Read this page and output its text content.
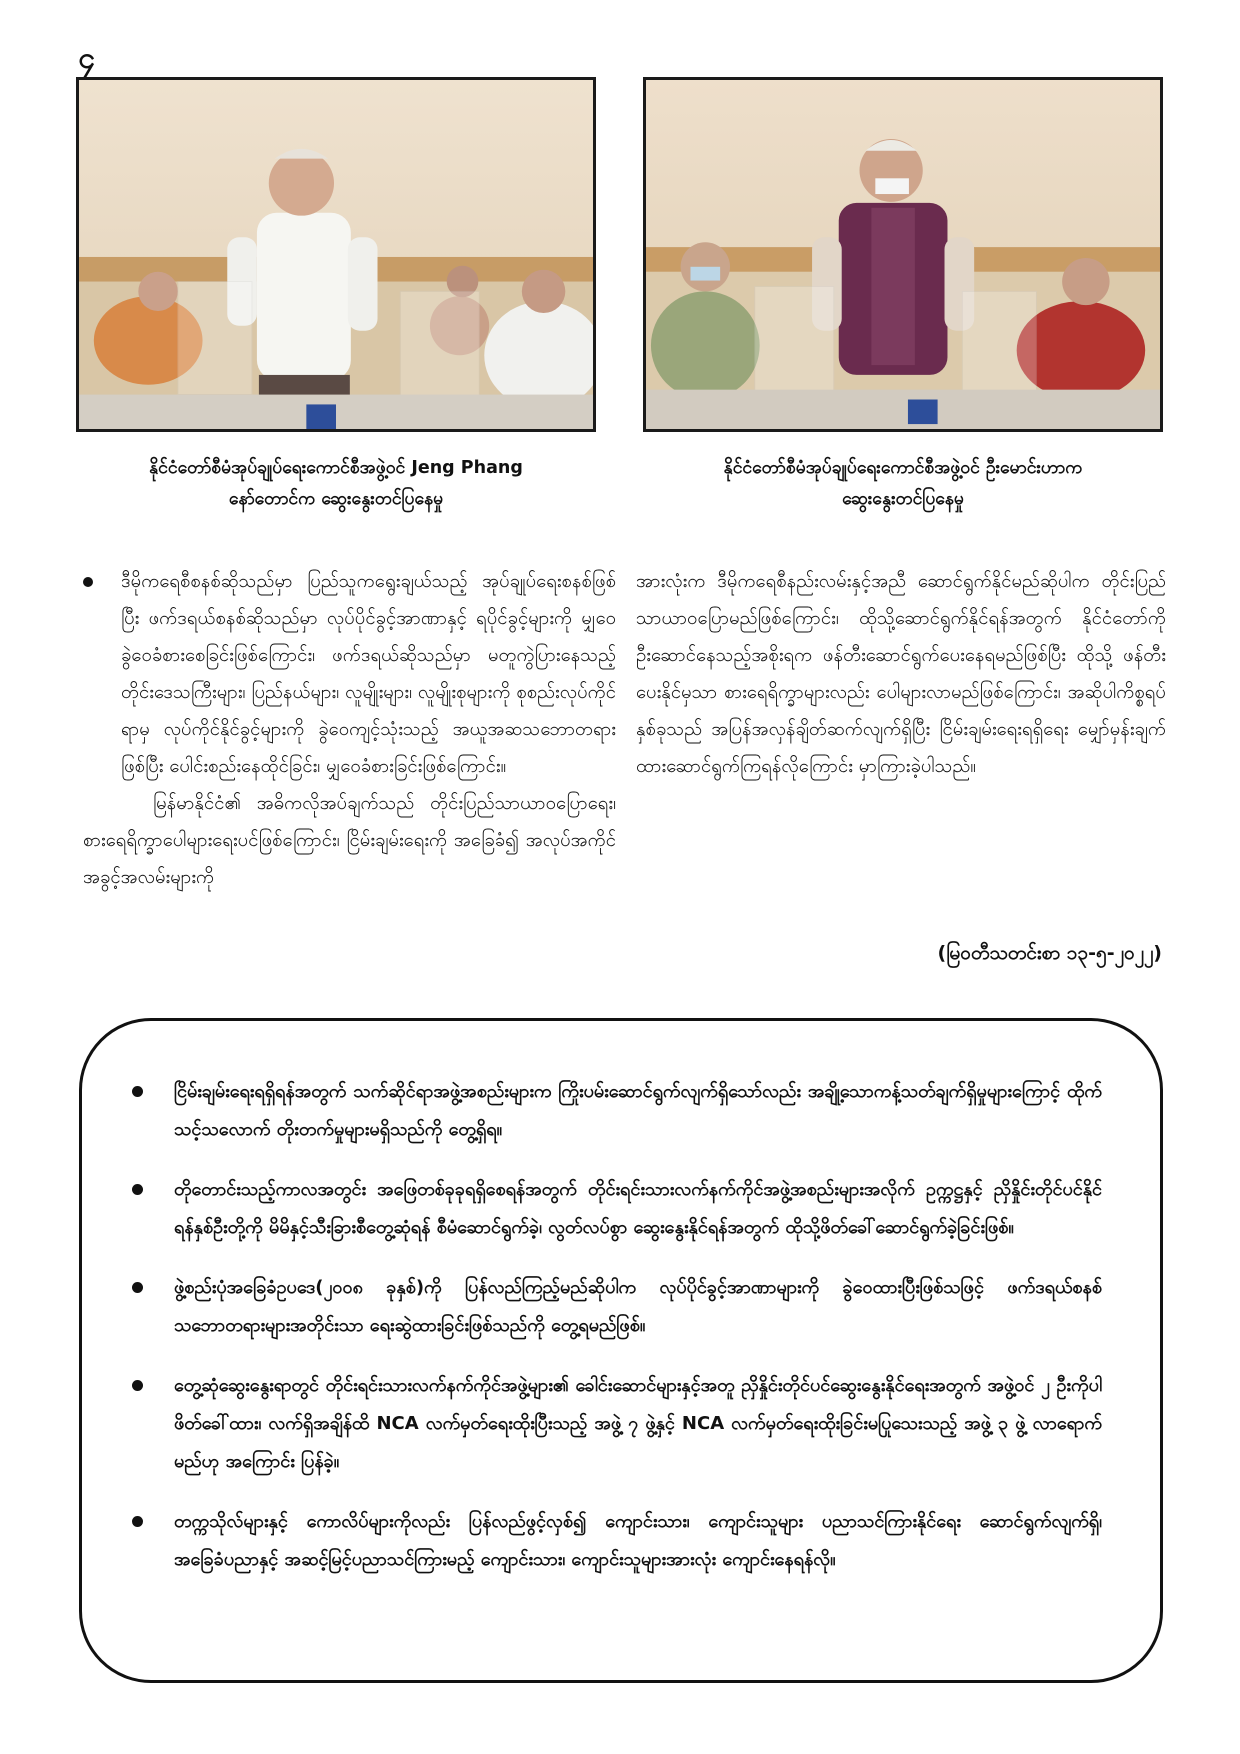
၄
နိုင်ငံတော်စီမံအုပ်ချုပ်ရေးကောင်စီအဖွဲ့ဝင် Jeng Phang
နော်တောင်က ဆွေးနွေးတင်ပြနေမှု
နိုင်ငံတော်စီမံအုပ်ချုပ်ရေးကောင်စီအဖွဲ့ဝင် ဦးမောင်းဟာက
ဆွေးနွေးတင်ပြနေမှု

ဒီမိုကရေစီစနစ်ဆိုသည်မှာ ပြည်သူကရွေးချယ်သည့် အုပ်ချုပ်ရေးစနစ်ဖြစ်ပြီး ဖက်ဒရယ်စနစ်ဆိုသည်မှာ လုပ်ပိုင်ခွင့်အာဏာနှင့် ရပိုင်ခွင့်များကို မျှဝေခွဲဝေခံစားစေခြင်းဖြစ်ကြောင်း၊ ဖက်ဒရယ်ဆိုသည်မှာ မတူကွဲပြားနေသည့် တိုင်းဒေသကြီးများ၊ ပြည်နယ်များ၊ လူမျိုးများ၊ လူမျိုးစုများကို စုစည်းလုပ်ကိုင်ရာမှ လုပ်ကိုင်နိုင်ခွင့်များကို ခွဲဝေကျင့်သုံးသည့် အယူအဆသဘောတရားဖြစ်ပြီး ပေါင်းစည်းနေထိုင်ခြင်း၊ မျှဝေခံစားခြင်းဖြစ်ကြောင်း။

မြန်မာနိုင်ငံ၏ အဓိကလိုအပ်ချက်သည် တိုင်းပြည်သာယာဝပြောရေး၊ စားရေရိက္ခာပေါများရေးပင်ဖြစ်ကြောင်း၊ ငြိမ်းချမ်းရေးကို အခြေခံ၍ အလုပ်အကိုင်အခွင့်အလမ်းများကို

အားလုံးက ဒီမိုကရေစီနည်းလမ်းနှင့်အညီ ဆောင်ရွက်နိုင်မည်ဆိုပါက တိုင်းပြည်သာယာဝပြောမည်ဖြစ်ကြောင်း၊ ထိုသို့ဆောင်ရွက်နိုင်ရန်အတွက် နိုင်ငံတော်ကို ဦးဆောင်နေသည့်အစိုးရက ဖန်တီးဆောင်ရွက်ပေးနေရမည်ဖြစ်ပြီး ထိုသို့ ဖန်တီးပေးနိုင်မှသာ စားရေရိက္ခာများလည်း ပေါများလာမည်ဖြစ်ကြောင်း၊ အဆိုပါကိစ္စရပ်နှစ်ခုသည် အပြန်အလှန်ချိတ်ဆက်လျက်ရှိပြီး ငြိမ်းချမ်းရေးရရှိရေး မျှော်မှန်းချက်ထားဆောင်ရွက်ကြရန်လိုကြောင်း မှာကြားခဲ့ပါသည်။

(မြဝတီသတင်းစာ ၁၃-၅-၂၀၂၂)
ငြိမ်းချမ်းရေးရရှိရန်အတွက် သက်ဆိုင်ရာအဖွဲ့အစည်းများက ကြိုးပမ်းဆောင်ရွက်လျက်ရှိသော်လည်း အချို့သောကန့်သတ်ချက်ရှိမှုများကြောင့် ထိုက်သင့်သလောက် တိုးတက်မှုများမရှိသည်ကို တွေ့ရှိရ။
တိုတောင်းသည့်ကာလအတွင်း အဖြေတစ်ခုခုရရှိစေရန်အတွက် တိုင်းရင်းသားလက်နက်ကိုင်အဖွဲ့အစည်းများအလိုက် ဥက္ကဋ္ဌနှင့် ညှိနှိုင်းတိုင်ပင်နိုင်ရန်နှစ်ဦးတို့ကို မိမိနှင့်သီးခြားစီတွေ့ဆုံရန် စီမံဆောင်ရွက်ခဲ့၊ လွတ်လပ်စွာ ဆွေးနွေးနိုင်ရန်အတွက် ထိုသို့ဖိတ်ခေါ်ဆောင်ရွက်ခဲ့ခြင်းဖြစ်။
ဖွဲ့စည်းပုံအခြေခံဥပဒေ(၂၀၀၈ ခုနှစ်)ကို ပြန်လည်ကြည့်မည်ဆိုပါက လုပ်ပိုင်ခွင့်အာဏာများကို ခွဲဝေထားပြီးဖြစ်သဖြင့် ဖက်ဒရယ်စနစ်သဘောတရားများအတိုင်းသာ ရေးဆွဲထားခြင်းဖြစ်သည်ကို တွေ့ရမည်ဖြစ်။
တွေ့ဆုံဆွေးနွေးရာတွင် တိုင်းရင်းသားလက်နက်ကိုင်အဖွဲ့များ၏ ခေါင်းဆောင်များနှင့်အတူ ညှိနှိုင်းတိုင်ပင်ဆွေးနွေးနိုင်ရေးအတွက် အဖွဲ့ဝင် ၂ ဦးကိုပါ ဖိတ်ခေါ်ထား၊ လက်ရှိအချိန်ထိ NCA လက်မှတ်ရေးထိုးပြီးသည့် အဖွဲ့ ၇ ဖွဲ့နှင့် NCA လက်မှတ်ရေးထိုးခြင်းမပြုသေးသည့် အဖွဲ့ ၃ ဖွဲ့ လာရောက်မည်ဟု အကြောင်း ပြန်ခဲ့။
တက္ကသိုလ်များနှင့် ကောလိပ်များကိုလည်း ပြန်လည်ဖွင့်လှစ်၍ ကျောင်းသား၊ ကျောင်းသူများ ပညာသင်ကြားနိုင်ရေး ဆောင်ရွက်လျက်ရှိ၊ အခြေခံပညာနှင့် အဆင့်မြင့်ပညာသင်ကြားမည့် ကျောင်းသား၊ ကျောင်းသူများအားလုံး ကျောင်းနေရန်လို။
